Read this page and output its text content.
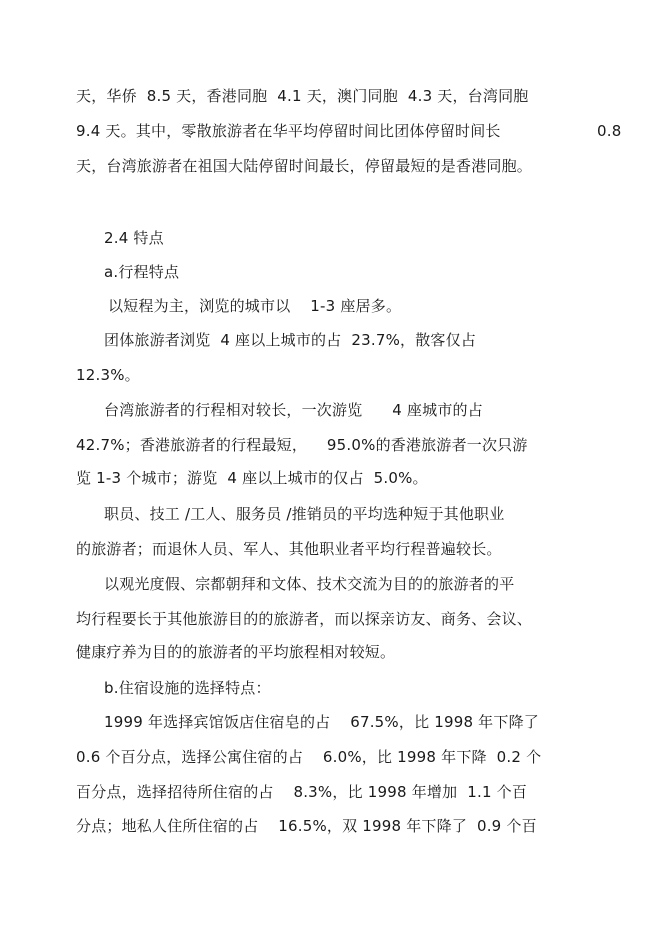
天，华侨  8.5 天，香港同胞  4.1 天，澳门同胞  4.3 天，台湾同胞
9.4 天。其中，零散旅游者在华平均停留时间比团体停留时间长	0.8
天，台湾旅游者在祖国大陆停留时间最长，停留最短的是香港同胞。
2.4 特点
a.行程特点
以短程为主，浏览的城市以    1-3 座居多。
团体旅游者浏览  4 座以上城市的占  23.7%，散客仅占
12.3%。
台湾旅游者的行程相对较长，一次游览      4 座城市的占
42.7%；香港旅游者的行程最短，    95.0%的香港旅游者一次只游
览 1-3 个城市；游览  4 座以上城市的仅占  5.0%。
职员、技工 /工人、服务员 /推销员的平均选种短于其他职业
的旅游者；而退休人员、军人、其他职业者平均行程普遍较长。
以观光度假、宗都朝拜和文体、技术交流为目的的旅游者的平
均行程要长于其他旅游目的的旅游者，而以探亲访友、商务、会议、
健康疗养为目的的旅游者的平均旅程相对较短。
b.住宿设施的选择特点：
1999 年选择宾馆饭店住宿皂的占    67.5%，比 1998 年下降了
0.6 个百分点，选择公寓住宿的占    6.0%，比 1998 年下降  0.2 个
百分点，选择招待所住宿的占    8.3%，比 1998 年增加  1.1 个百
分点；地私人住所住宿的占    16.5%，双 1998 年下降了  0.9 个百
